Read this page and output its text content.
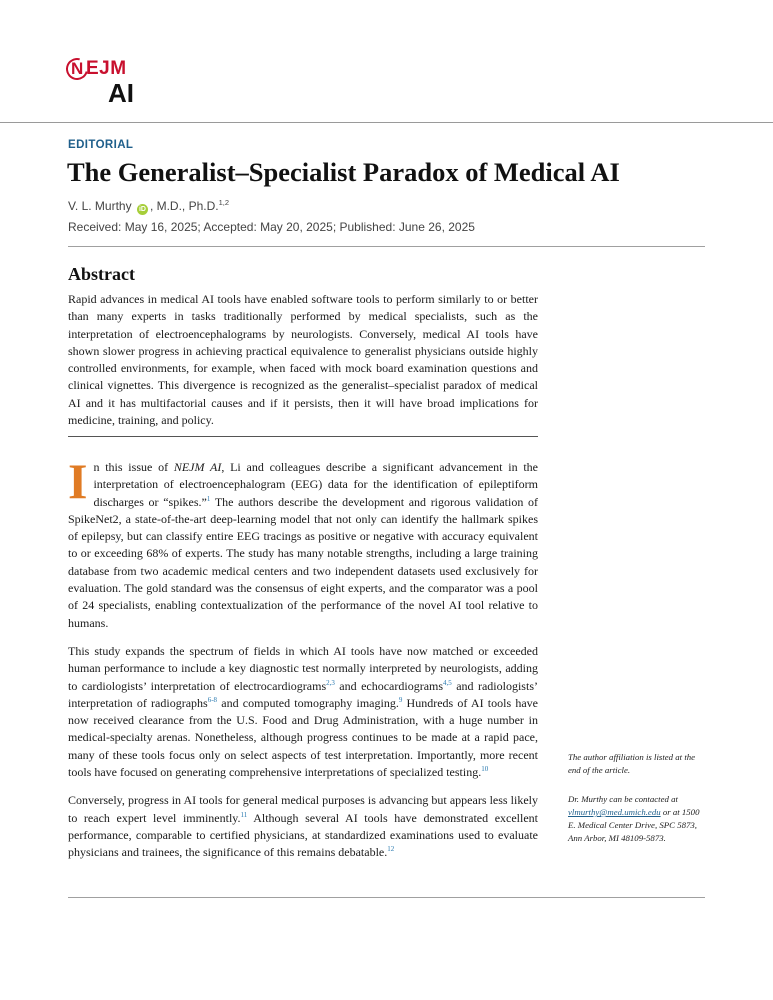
N EJM
AI
EDITORIAL
The Generalist–Specialist Paradox of Medical AI
V. L. Murthy iD , M.D., Ph.D.$^{1,2}$
Received: May 16, 2025; Accepted: May 20, 2025; Published: June 26, 2025
Abstract

Rapid advances in medical AI tools have enabled software tools to perform similarly to or better than many experts in tasks traditionally performed by medical specialists, such as the interpretation of electroencephalograms by neurologists. Conversely, medical AI tools have shown slower progress in achieving practical equivalence to generalist physicians outside highly controlled environments, for example, when faced with mock board examination questions and clinical vignettes. This divergence is recognized as the generalist–specialist paradox of medical AI and it has multifactorial causes and if it persists, then it will have broad implications for medicine, training, and policy.

In this issue of NEJM AI, Li and colleagues describe a significant advancement in the interpretation of electroencephalogram (EEG) data for the identification of epileptiform discharges or “spikes.”$^1$ The authors describe the development and rigorous validation of SpikeNet2, a state-of-the-art deep-learning model that not only can identify the hallmark spikes of epilepsy, but can classify entire EEG tracings as positive or negative with accuracy equivalent to or exceeding 68% of experts. The study has many notable strengths, including a large training database from two academic medical centers and two independent datasets used exclusively for evaluation. The gold standard was the consensus of eight experts, and the comparator was a pool of 24 specialists, enabling contextualization of the performance of the novel AI tool relative to humans.

This study expands the spectrum of fields in which AI tools have now matched or exceeded human performance to include a key diagnostic test normally interpreted by neurologists, adding to cardiologists’ interpretation of electrocardiograms$^{2,3}$ and echocardiograms$^{4,5}$ and radiologists’ interpretation of radiographs$^{6-8}$ and computed tomography imaging.$^9$ Hundreds of AI tools have now received clearance from the U.S. Food and Drug Administration, with a huge number in medical-specialty arenas. Nonetheless, although progress continues to be made at a rapid pace, many of these tools focus only on select aspects of test interpretation. Importantly, more recent tools have focused on generating comprehensive interpretations of specialized testing.$^{10}$

Conversely, progress in AI tools for general medical purposes is advancing but appears less likely to reach expert level imminently.$^{11}$ Although several AI tools have demonstrated excellent performance, comparable to certified physicians, at standardized examinations used to evaluate physicians and trainees, the significance of this remains debatable.$^{12}$

The author affiliation is listed at the end of the article.

Dr. Murthy can be contacted at vlmurthy@med.umich.edu or at 1500 E. Medical Center Drive, SPC 5873, Ann Arbor, MI 48109-5873.
